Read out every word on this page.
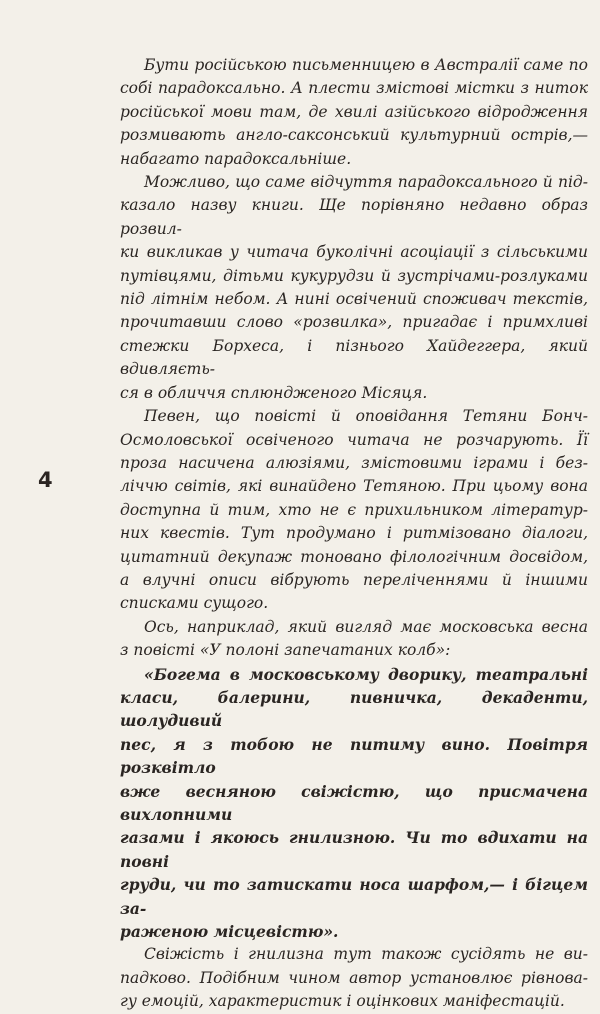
4

Бути російською письменницею в Австралії саме по
собі парадоксально. А плести змістові містки з ниток
російської мови там, де хвилі азійського відродження
розмивають англо-саксонський культурний острів,—
набагато парадоксальніше.

Можливо, що саме відчуття парадоксального й під-
казало назву книги. Ще порівняно недавно образ розвил-
ки викликав у читача буколічні асоціації з сільськими
путівцями, дітьми кукурудзи й зустрічами-розлуками
під літнім небом. А нині освічений споживач текстів,
прочитавши слово «розвилка», пригадає і примхливі
стежки Борхеса, і пізнього Хайдеггера, який вдивляєть-
ся в обличчя сплюндженого Місяця.

Певен, що повісті й оповідання Тетяни Бонч-
Осмоловської освіченого читача не розчарують. Її
проза насичена алюзіями, змістовими іграми і без-
ліччю світів, які винайдено Тетяною. При цьому вона
доступна й тим, хто не є прихильником літератур-
них квестів. Тут продумано і ритмізовано діалоги,
цитатний декупаж тоновано філологічним досвідом,
а влучні описи вібрують переліченнями й іншими
списками сущого.

Ось, наприклад, який вигляд має московська весна
з повісті «У полоні запечатаних колб»:

«Богема в московському дворику, театральні
класи, балерини, пивничка, декаденти, шолудивий
пес, я з тобою не питиму вино. Повітря розквітло
вже весняною свіжістю, що присмачена вихлопними
газами і якоюсь гнилизною. Чи то вдихати на повні
груди, чи то затискати носа шарфом,— і бігцем за-
раженою місцевістю».

Свіжість і гнилизна тут також сусідять не ви-
падково. Подібним чином автор установлює рівнова-
гу емоцій, характеристик і оцінкових маніфестацій.
